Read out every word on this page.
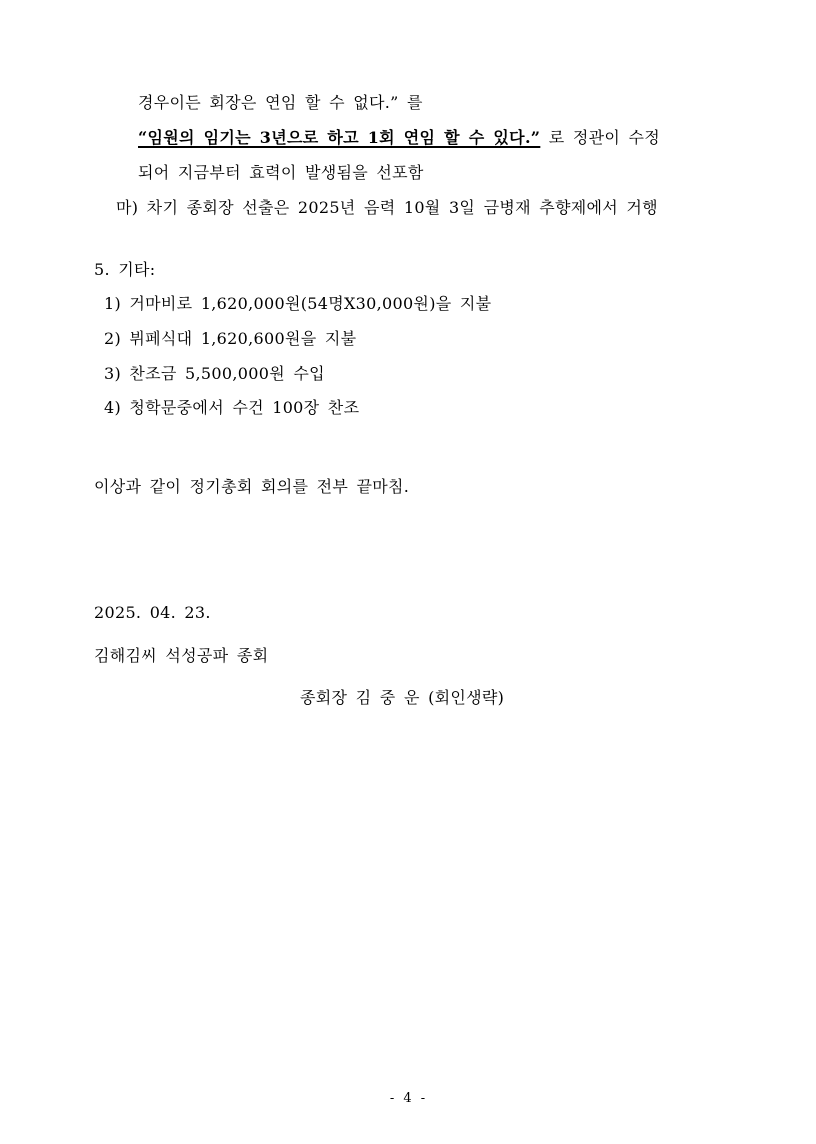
경우이든 회장은 연임 할 수 없다.” 를
“임원의 임기는 3년으로 하고 1회 연임 할 수 있다.” 로 정관이 수정
되어 지금부터 효력이 발생됨을 선포함
마) 차기 종회장 선출은 2025년 음력 10월 3일 금병재 추향제에서 거행
5. 기타:
1) 거마비로 1,620,000원(54명X30,000원)을 지불
2) 뷔페식대 1,620,600원을 지불
3) 찬조금 5,500,000원 수입
4) 청학문중에서 수건 100장 찬조
이상과 같이 정기총회 회의를 전부 끝마침.
2025. 04. 23.
김해김씨 석성공파 종회
종회장 김 중 운 (회인생략)
- 4 -
